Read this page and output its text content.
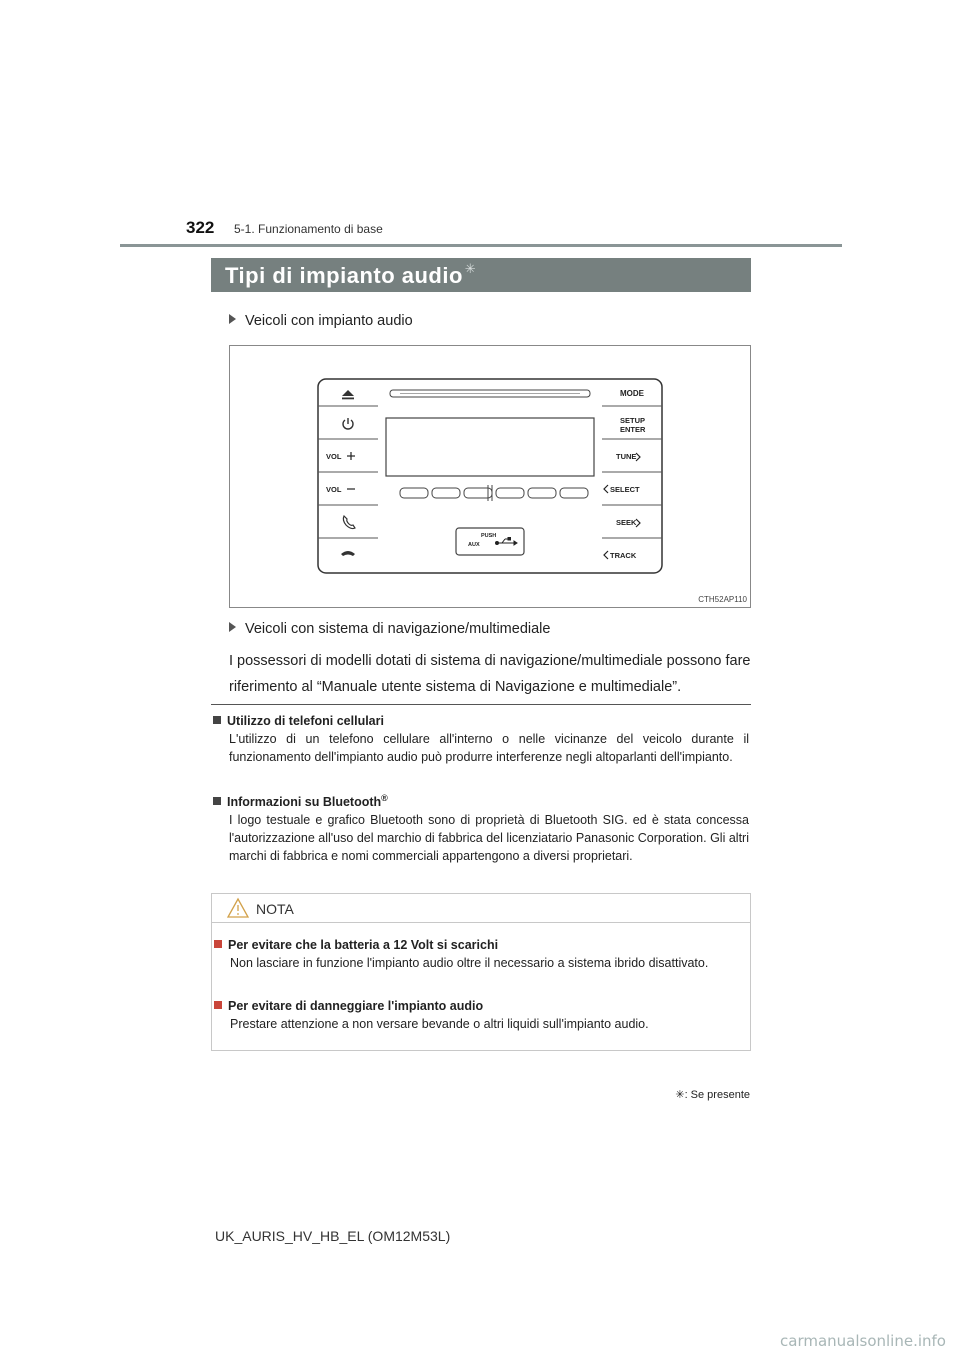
322 5-1. Funzionamento di base
Tipi di impianto audio ✳
Veicoli con impianto audio
VOL
VOL
MODE
SETUP
ENTER
TUNE
SELECT
SEEK
TRACK
PUSH
AUX
CTH52AP110
Veicoli con sistema di navigazione/multimediale
I possessori di modelli dotati di sistema di navigazione/multimediale possono fare riferimento al “Manuale utente sistema di Navigazione e multimediale”.
Utilizzo di telefoni cellulari
L'utilizzo di un telefono cellulare all'interno o nelle vicinanze del veicolo durante il funzionamento dell'impianto audio può produrre interferenze negli altoparlanti dell'impianto.
Informazioni su Bluetooth®
I logo testuale e grafico Bluetooth sono di proprietà di Bluetooth SIG. ed è stata concessa l'autorizzazione all'uso del marchio di fabbrica del licenziatario Panasonic Corporation. Gli altri marchi di fabbrica e nomi commerciali appartengono a diversi proprietari.
NOTA
Per evitare che la batteria a 12 Volt si scarichi
Non lasciare in funzione l'impianto audio oltre il necessario a sistema ibrido disattivato.
Per evitare di danneggiare l'impianto audio
Prestare attenzione a non versare bevande o altri liquidi sull'impianto audio.
✳: Se presente
UK_AURIS_HV_HB_EL (OM12M53L)
carmanualsonline.info
